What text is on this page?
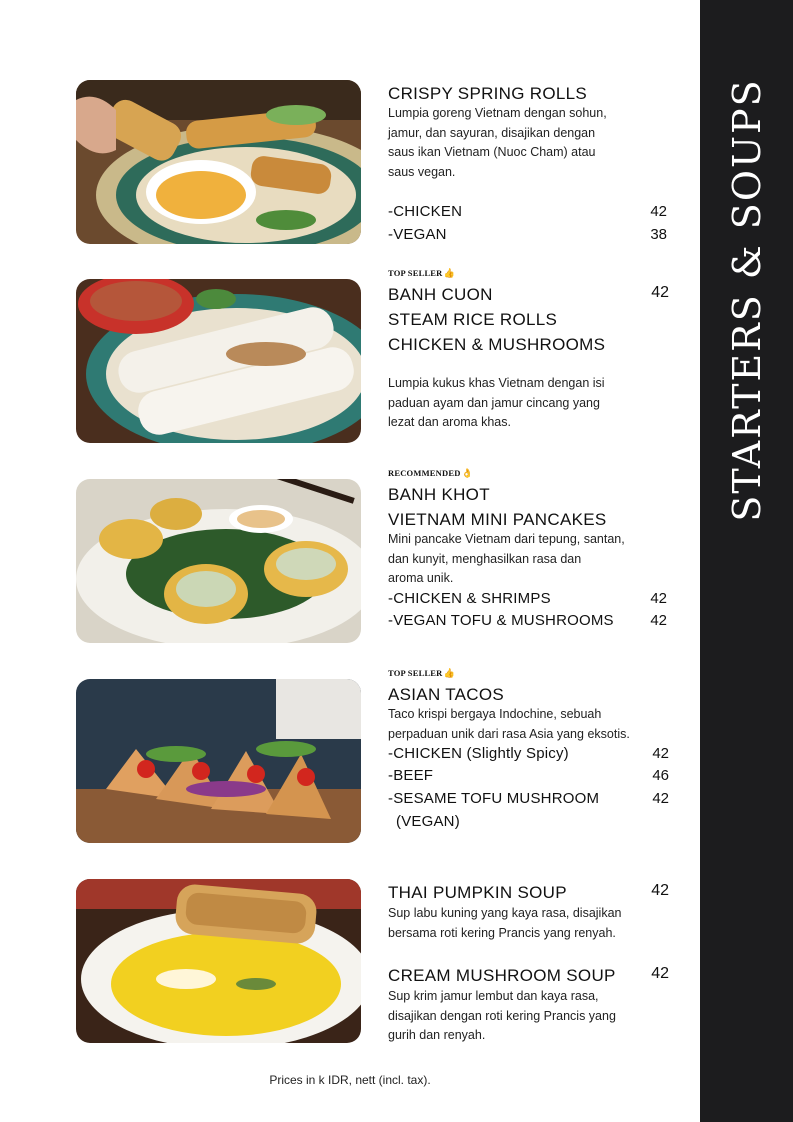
STARTERS & SOUPS
CRISPY SPRING ROLLS
Lumpia goreng Vietnam dengan sohun,
jamur, dan sayuran, disajikan dengan
saus ikan Vietnam (Nuoc Cham) atau
saus vegan.
-CHICKEN	42
-VEGAN	38
TOP SELLER👍
BANH CUON	42
STEAM RICE ROLLS
CHICKEN & MUSHROOMS
Lumpia kukus khas Vietnam dengan isi
paduan ayam dan jamur cincang yang
lezat dan aroma khas.
RECOMMENDED👌
BANH KHOT
VIETNAM MINI PANCAKES
Mini pancake Vietnam dari tepung, santan,
dan kunyit, menghasilkan rasa dan
aroma unik.
-CHICKEN & SHRIMPS	42
-VEGAN TOFU & MUSHROOMS	42
TOP SELLER👍
ASIAN TACOS
Taco krispi bergaya Indochine, sebuah
perpaduan unik dari rasa Asia yang eksotis.
-CHICKEN (Slightly Spicy)	42
-BEEF	46
-SESAME TOFU MUSHROOM	42
(VEGAN)
THAI PUMPKIN SOUP	42
Sup labu kuning yang kaya rasa, disajikan
bersama roti kering Prancis yang renyah.
CREAM MUSHROOM SOUP	42
Sup krim jamur lembut dan kaya rasa,
disajikan dengan roti kering Prancis yang
gurih dan renyah.
Prices in k IDR, nett (incl. tax).
